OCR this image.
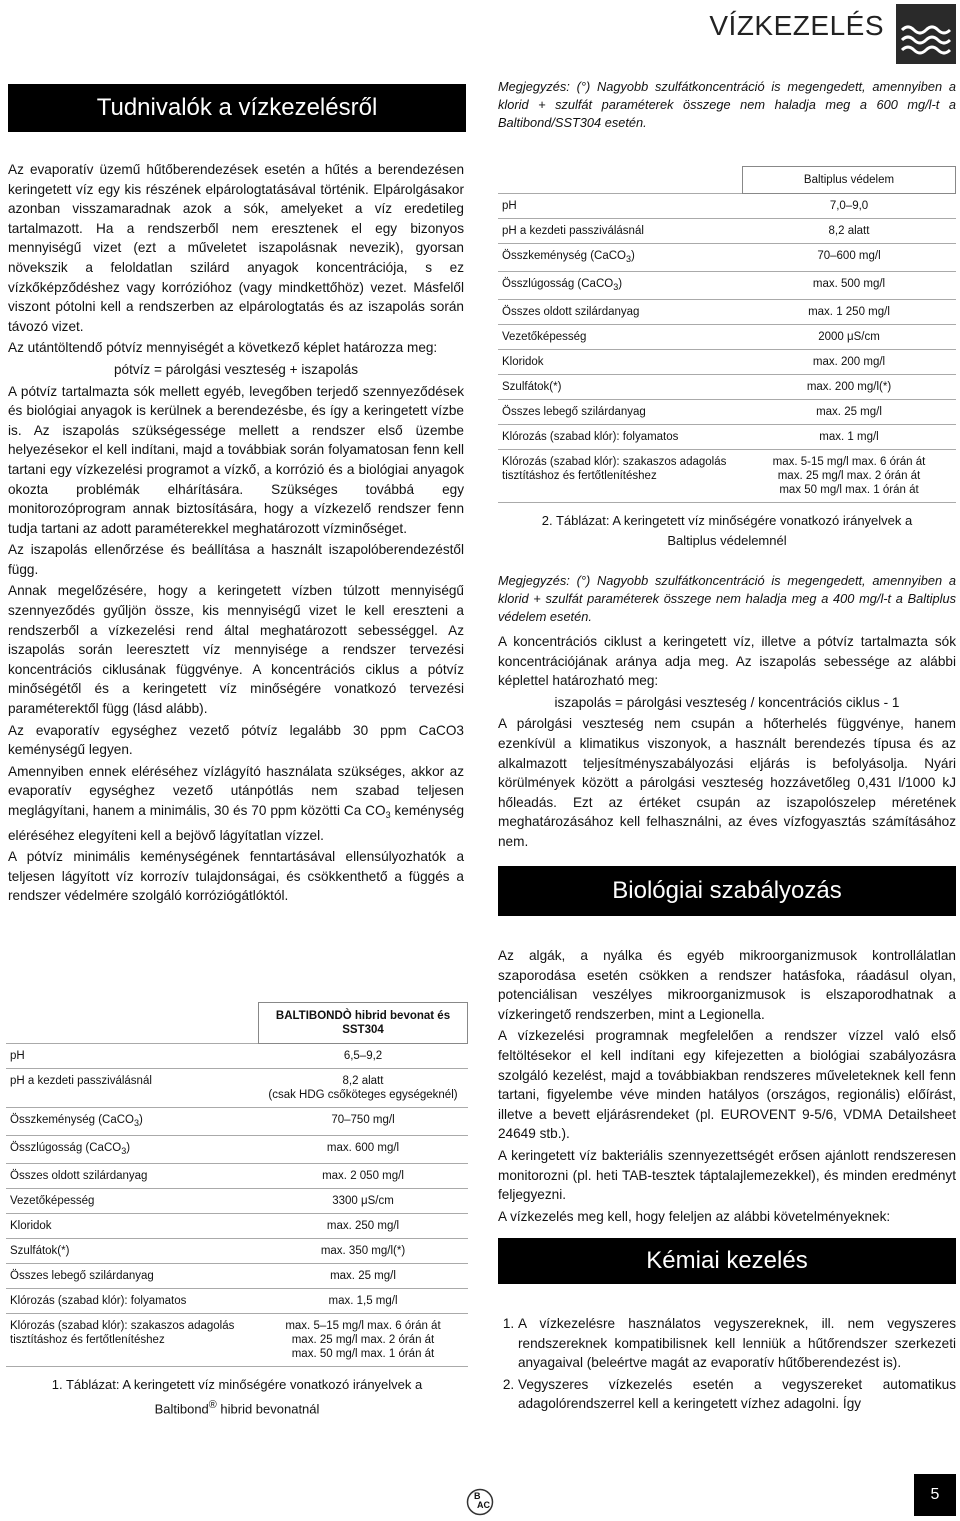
VÍZKEZELÉS
Tudnivalók a vízkezelésről

Az evaporatív üzemű hűtőberendezések esetén a hűtés a berendezésen keringetett víz egy kis részének elpárologtatásával történik. Elpárolgásakor azonban visszamaradnak azok a sók, amelyeket a víz eredetileg tartalmazott. Ha a rendszerből nem eresztenek el egy bizonyos mennyiségű vizet (ezt a műveletet iszapolásnak nevezik), gyorsan növekszik a feloldatlan szilárd anyagok koncentrációja, s ez vízkőképződéshez vagy korrózióhoz (vagy mindkettőhöz) vezet. Másfelől viszont pótolni kell a rendszerben az elpárologtatás és az iszapolás során távozó vizet.

Az utántöltendő pótvíz mennyiségét a következő képlet határozza meg:

pótvíz = párolgási veszteség + iszapolás

A pótvíz tartalmazta sók mellett egyéb, levegőben terjedő szennyeződések és biológiai anyagok is kerülnek a berendezésbe, és így a keringetett vízbe is. Az iszapolás szükségessége mellett a rendszer első üzembe helyezésekor el kell indítani, majd a továbbiak során folyamatosan fenn kell tartani egy vízkezelési programot a vízkő, a korrózió és a biológiai anyagok okozta problémák elhárítására. Szükséges továbbá egy monitorozóprogram annak biztosítására, hogy a vízkezelő rendszer fenn tudja tartani az adott paraméterekkel meghatározott vízminőséget.

Az iszapolás ellenőrzése és beállítása a használt iszapolóberendezéstől függ.

Annak megelőzésére, hogy a keringetett vízben túlzott mennyiségű szennyeződés gyűljön össze, kis mennyiségű vizet le kell ereszteni a rendszerből a vízkezelési rend által meghatározott sebességgel. Az iszapolás során leeresztett víz mennyisége a rendszer tervezési koncentrációs ciklusának függvénye. A koncentrációs ciklus a pótvíz minőségétől és a keringetett víz minőségére vonatkozó tervezési paraméterektől függ (lásd alább).

Az evaporatív egységhez vezető pótvíz legalább 30 ppm CaCO3 keménységű legyen.

Amennyiben ennek eléréséhez vízlágyító használata szükséges, akkor az evaporatív egységhez vezető utánpótlás nem szabad teljesen meglágyítani, hanem a minimális, 30 és 70 ppm közötti Ca $CO_3$ keménység eléréséhez elegyíteni kell a bejövő lágyítatlan vízzel.

A pótvíz minimális keménységének fenntartásával ellensúlyozhatók a teljesen lágyított víz korrozív tulajdonságai, és csökkenthető a függés a rendszer védelmére szolgáló korróziógátlóktól.

	BALTIBONDÒ hibrid bevonat és SST304
pH	6,5–9,2
pH a kezdeti passziválásnál	8,2 alatt
(csak HDG csőköteges egységeknél)
Összkeménység (CaCO$_3$)	70–750 mg/l
Összlúgosság (CaCO$_3$)	max. 600 mg/l
Összes oldott szilárdanyag	max. 2 050 mg/l
Vezetőképesség	3300 μS/cm
Kloridok	max. 250 mg/l
Szulfátok(*)	max. 350 mg/l(*)
Összes lebegő szilárdanyag	max. 25 mg/l
Klórozás (szabad klór): folyamatos	max. 1,5 mg/l
Klórozás (szabad klór): szakaszos adagolás tisztításhoz és fertőtlenítéshez	max. 5–15 mg/l max. 6 órán át
max. 25 mg/l max. 2 órán át
max. 50 mg/l max. 1 órán át
1. Táblázat: A keringetett víz minőségére vonatkozó irányelvek a
Baltibond® hibrid bevonatnál

Megjegyzés: (°) Nagyobb szulfátkoncentráció is megengedett, amennyiben a klorid + szulfát paraméterek összege nem haladja meg a 600 mg/l-t a Baltibond/SST304 esetén.

	Baltiplus védelem
pH	7,0–9,0
pH a kezdeti passziválásnál	8,2 alatt
Összkeménység (CaCO$_3$)	70–600 mg/l
Összlúgosság (CaCO$_3$)	max. 500 mg/l
Összes oldott szilárdanyag	max. 1 250 mg/l
Vezetőképesség	2000 μS/cm
Kloridok	max. 200 mg/l
Szulfátok(*)	max. 200 mg/l(*)
Összes lebegő szilárdanyag	max. 25 mg/l
Klórozás (szabad klór): folyamatos	max. 1 mg/l
Klórozás (szabad klór): szakaszos adagolás tisztításhoz és fertőtlenítéshez	max. 5-15 mg/l max. 6 órán át
max. 25 mg/l max. 2 órán át
max 50 mg/l max. 1 órán át
2. Táblázat: A keringetett víz minőségére vonatkozó irányelvek a Baltiplus védelemnél

Megjegyzés: (°) Nagyobb szulfátkoncentráció is megengedett, amennyiben a klorid + szulfát paraméterek összege nem haladja meg a 400 mg/l-t a Baltiplus védelem esetén.

A koncentrációs ciklust a keringetett víz, illetve a pótvíz tartalmazta sók koncentrációjának aránya adja meg. Az iszapolás sebessége az alábbi képlettel határozható meg:

iszapolás = párolgási veszteség / koncentrációs ciklus - 1

A párolgási veszteség nem csupán a hőterhelés függvénye, hanem ezenkívül a klimatikus viszonyok, a használt berendezés típusa és az alkalmazott teljesítményszabályozási eljárás is befolyásolja. Nyári körülmények között a párolgási veszteség hozzávetőleg 0,431 l/1000 kJ hőleadás. Ezt az értéket csupán az iszapolószelep méretének meghatározásához kell felhasználni, az éves vízfogyasztás számításához nem.

Biológiai szabályozás

Az algák, a nyálka és egyéb mikroorganizmusok kontrollálatlan szaporodása esetén csökken a rendszer hatásfoka, ráadásul olyan, potenciálisan veszélyes mikroorganizmusok is elszaporodhatnak a vízkeringető rendszerben, mint a Legionella.

A vízkezelési programnak megfelelően a rendszer vízzel való első feltöltésekor el kell indítani egy kifejezetten a biológiai szabályozásra szolgáló kezelést, majd a továbbiakban rendszeres műveleteknek kell fenn tartani, figyelembe véve minden hatályos (országos, regionális) előírást, illetve a bevett eljárásrendeket (pl. EUROVENT 9-5/6, VDMA Detailsheet 24649 stb.).

A keringetett víz bakteriális szennyezettségét erősen ajánlott rendszeresen monitorozni (pl. heti TAB-tesztek táptalajlemezekkel), és minden eredményt feljegyezni.

A vízkezelés meg kell, hogy feleljen az alábbi követelményeknek:

Kémiai kezelés
1. A vízkezelésre használatos vegyszereknek, ill. nem vegyszeres rendszereknek kompatibilisnek kell lenniük a hűtőrendszer szerkezeti anyagaival (beleértve magát az evaporatív hűtőberendezést is).
2. Vegyszeres vízkezelés esetén a vegyszereket automatikus adagolórendszerrel kell a keringetett vízhez adagolni. Így
B
AC
5
